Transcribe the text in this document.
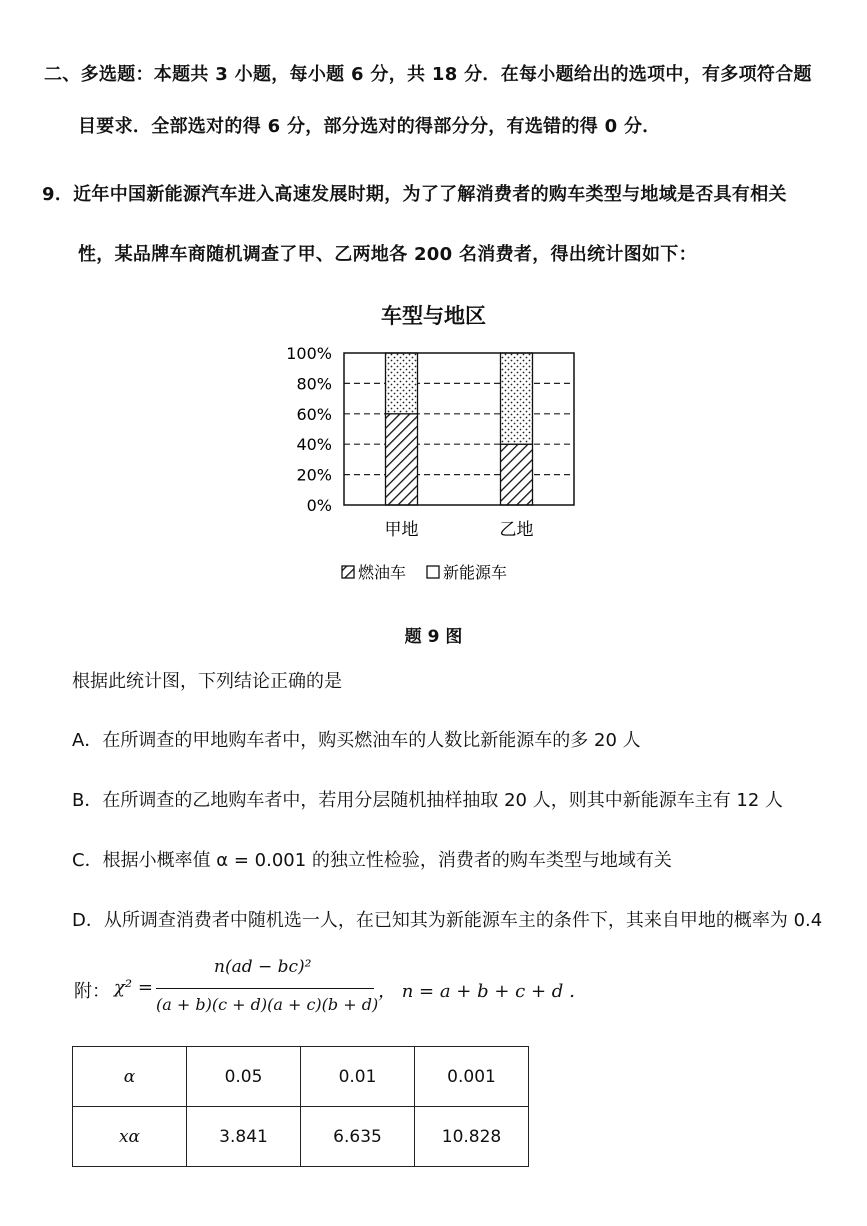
二、多选题：本题共 3 小题，每小题 6 分，共 18 分．在每小题给出的选项中，有多项符合题
目要求．全部选对的得 6 分，部分选对的得部分分，有选错的得 0 分．
9．近年中国新能源汽车进入高速发展时期，为了了解消费者的购车类型与地域是否具有相关
性，某品牌车商随机调查了甲、乙两地各 200 名消费者，得出统计图如下：
车型与地区
0%
20%
40%
60%
80%
100%
甲地	乙地
燃油车 新能源车
题 9 图
根据此统计图，下列结论正确的是
A．在所调查的甲地购车者中，购买燃油车的人数比新能源车的多 20 人
B．在所调查的乙地购车者中，若用分层随机抽样抽取 20 人，则其中新能源车主有 12 人
C．根据小概率值 α = 0.001 的独立性检验，消费者的购车类型与地域有关
D．从所调查消费者中随机选一人，在已知其为新能源车主的条件下，其来自甲地的概率为 0.4
附： χ² =
n(ad − bc)²
(a + b)(c + d)(a + c)(b + d)
， n = a + b + c + d ．
α	0.05	0.01	0.001
xα	3.841	6.635	10.828
